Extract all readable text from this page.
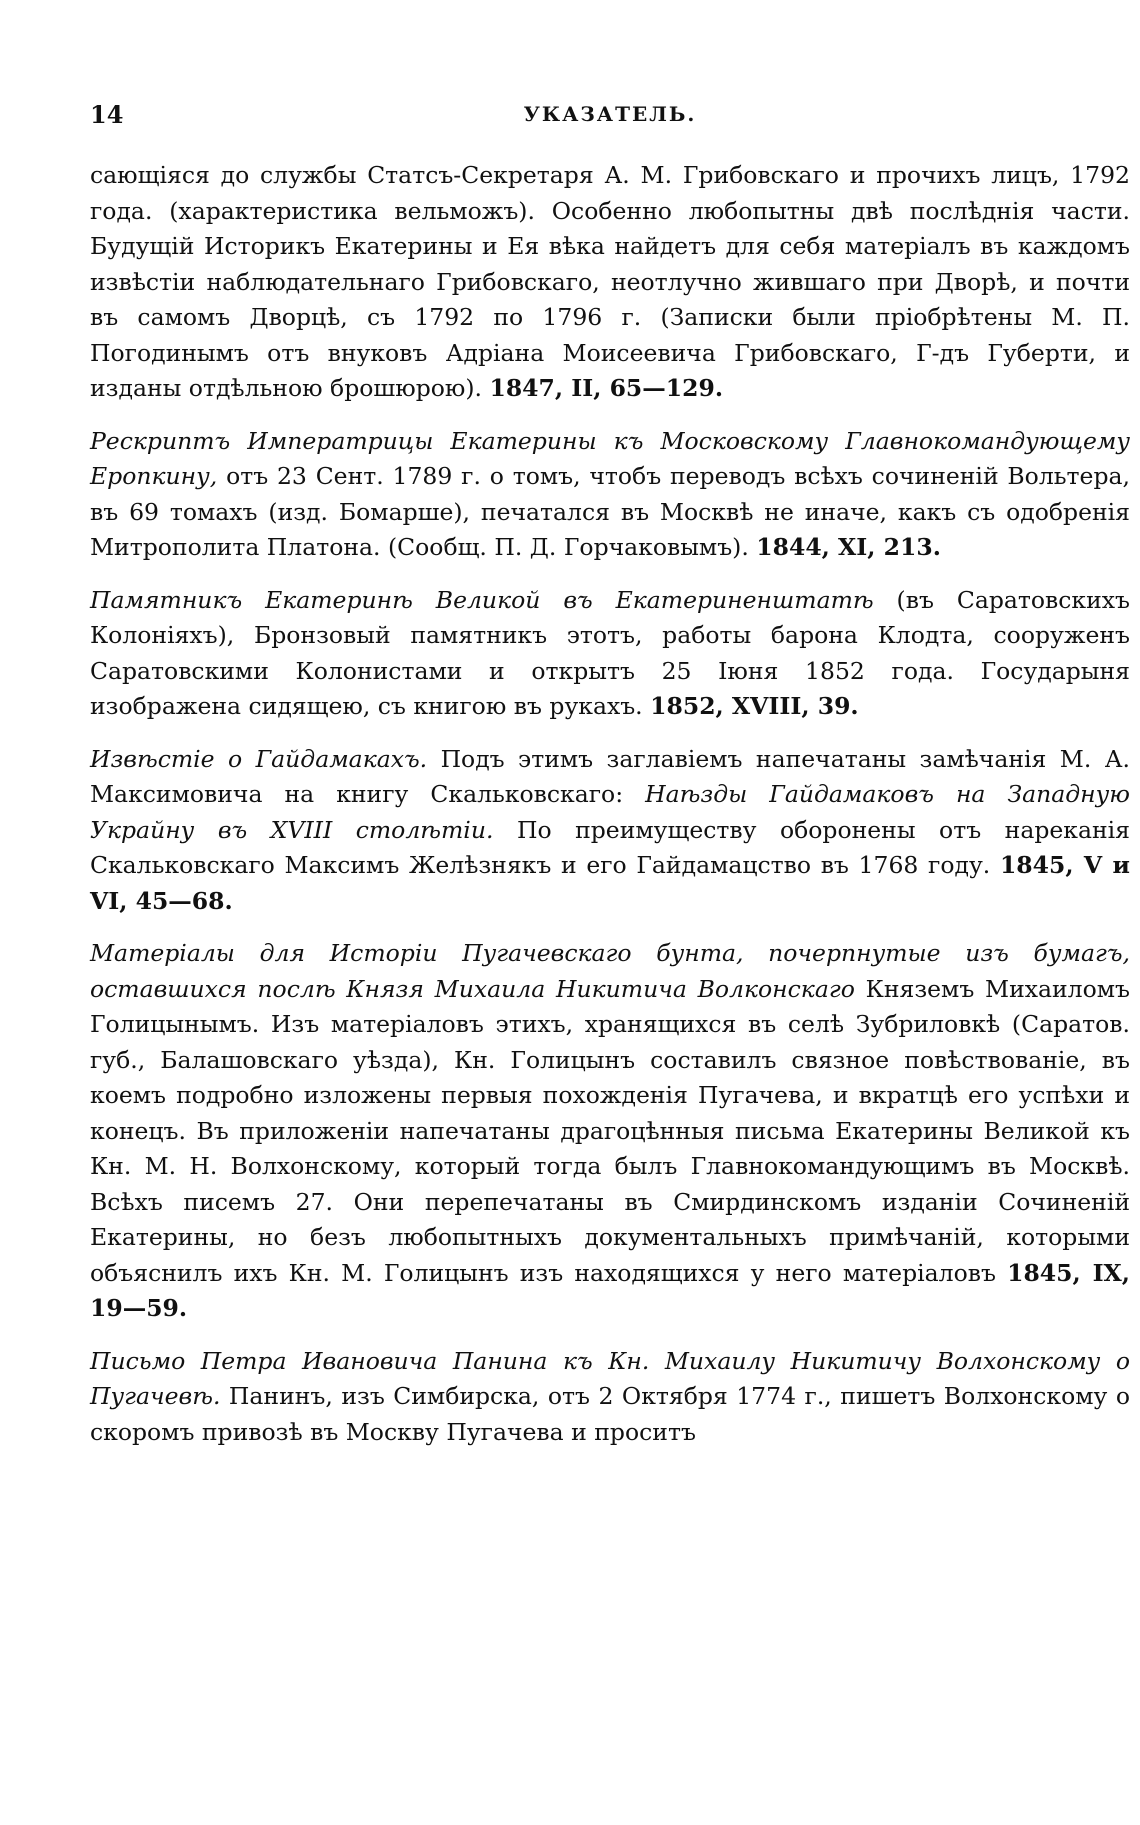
14	УКАЗАТЕЛЬ.

сающіяся до службы Статсъ-Секретаря А. М. Грибовскаго и прочихъ лицъ, 1792 года. (характеристика вельможъ). Особенно любопытны двѣ послѣднія части. Будущій Историкъ Екатерины и Ея вѣка найдетъ для себя матеріалъ въ каждомъ извѣстіи наблюдательнаго Грибовскаго, неотлучно жившаго при Дворѣ, и почти въ самомъ Дворцѣ, съ 1792 по 1796 г. (Записки были пріобрѣтены М. П. Погодинымъ отъ внуковъ Адріана Моисеевича Грибовскаго, Г-дъ Губерти, и изданы отдѣльною брошюрою). 1847, II, 65—129.

Рескриптъ Императрицы Екатерины къ Московскому Главнокомандующему Еропкину, отъ 23 Сент. 1789 г. о томъ, чтобъ переводъ всѣхъ сочиненій Вольтера, въ 69 томахъ (изд. Бомарше), печатался въ Москвѣ не иначе, какъ съ одобренія Митрополита Платона. (Сообщ. П. Д. Горчаковымъ). 1844, XI, 213.

Памятникъ Екатеринѣ Великой въ Екатериненштатѣ (въ Саратовскихъ Колоніяхъ), Бронзовый памятникъ этотъ, работы барона Клодта, сооруженъ Саратовскими Колонистами и открытъ 25 Іюня 1852 года. Государыня изображена сидящею, съ книгою въ рукахъ. 1852, XVIII, 39.

Извѣстіе о Гайдамакахъ. Подъ этимъ заглавіемъ напечатаны замѣчанія М. А. Максимовича на книгу Скальковскаго: Наѣзды Гайдамаковъ на Западную Украйну въ XVIII столѣтіи. По преимуществу оборонены отъ нареканія Скальковскаго Максимъ Желѣзнякъ и его Гайдамацство въ 1768 году. 1845, V и VI, 45—68.

Матеріалы для Исторіи Пугачевскаго бунта, почерпнутые изъ бумагъ, оставшихся послѣ Князя Михаила Никитича Волконскаго Княземъ Михаиломъ Голицынымъ. Изъ матеріаловъ этихъ, хранящихся въ селѣ Зубриловкѣ (Саратов. губ., Балашовскаго уѣзда), Кн. Голицынъ составилъ связное повѣствованіе, въ коемъ подробно изложены первыя похожденія Пугачева, и вкратцѣ его успѣхи и конецъ. Въ приложеніи напечатаны драгоцѣнныя письма Екатерины Великой къ Кн. М. Н. Волхонскому, который тогда былъ Главнокомандующимъ въ Москвѣ. Всѣхъ писемъ 27. Они перепечатаны въ Смирдинскомъ изданіи Сочиненій Екатерины, но безъ любопытныхъ документальныхъ примѣчаній, которыми объяснилъ ихъ Кн. М. Голицынъ изъ находящихся у него матеріаловъ 1845, IX, 19—59.

Письмо Петра Ивановича Панина къ Кн. Михаилу Никитичу Волхонскому о Пугачевѣ. Панинъ, изъ Симбирска, отъ 2 Октября 1774 г., пишетъ Волхонскому о скоромъ привозѣ въ Москву Пугачева и проситъ
